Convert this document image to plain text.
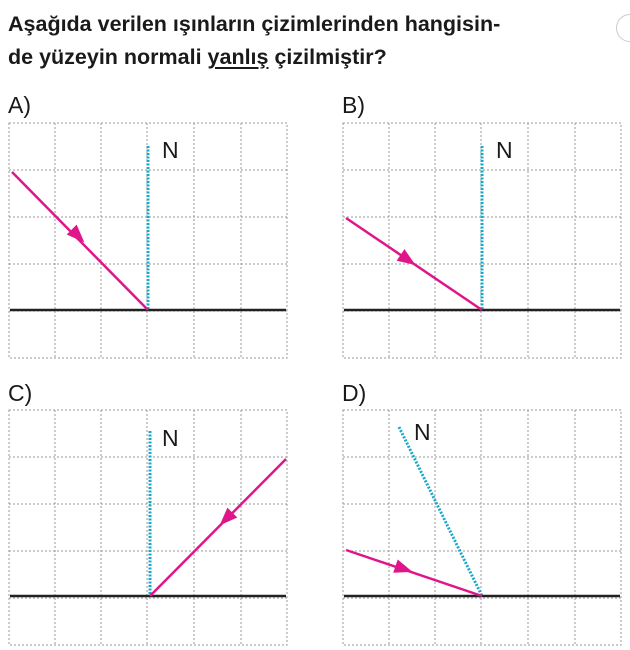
Aşağıda verilen ışınların çizimlerinden hangisin-
de yüzeyin normali yanlış çizilmiştir?

A)
N
B)
N
C)
N
D)
N
